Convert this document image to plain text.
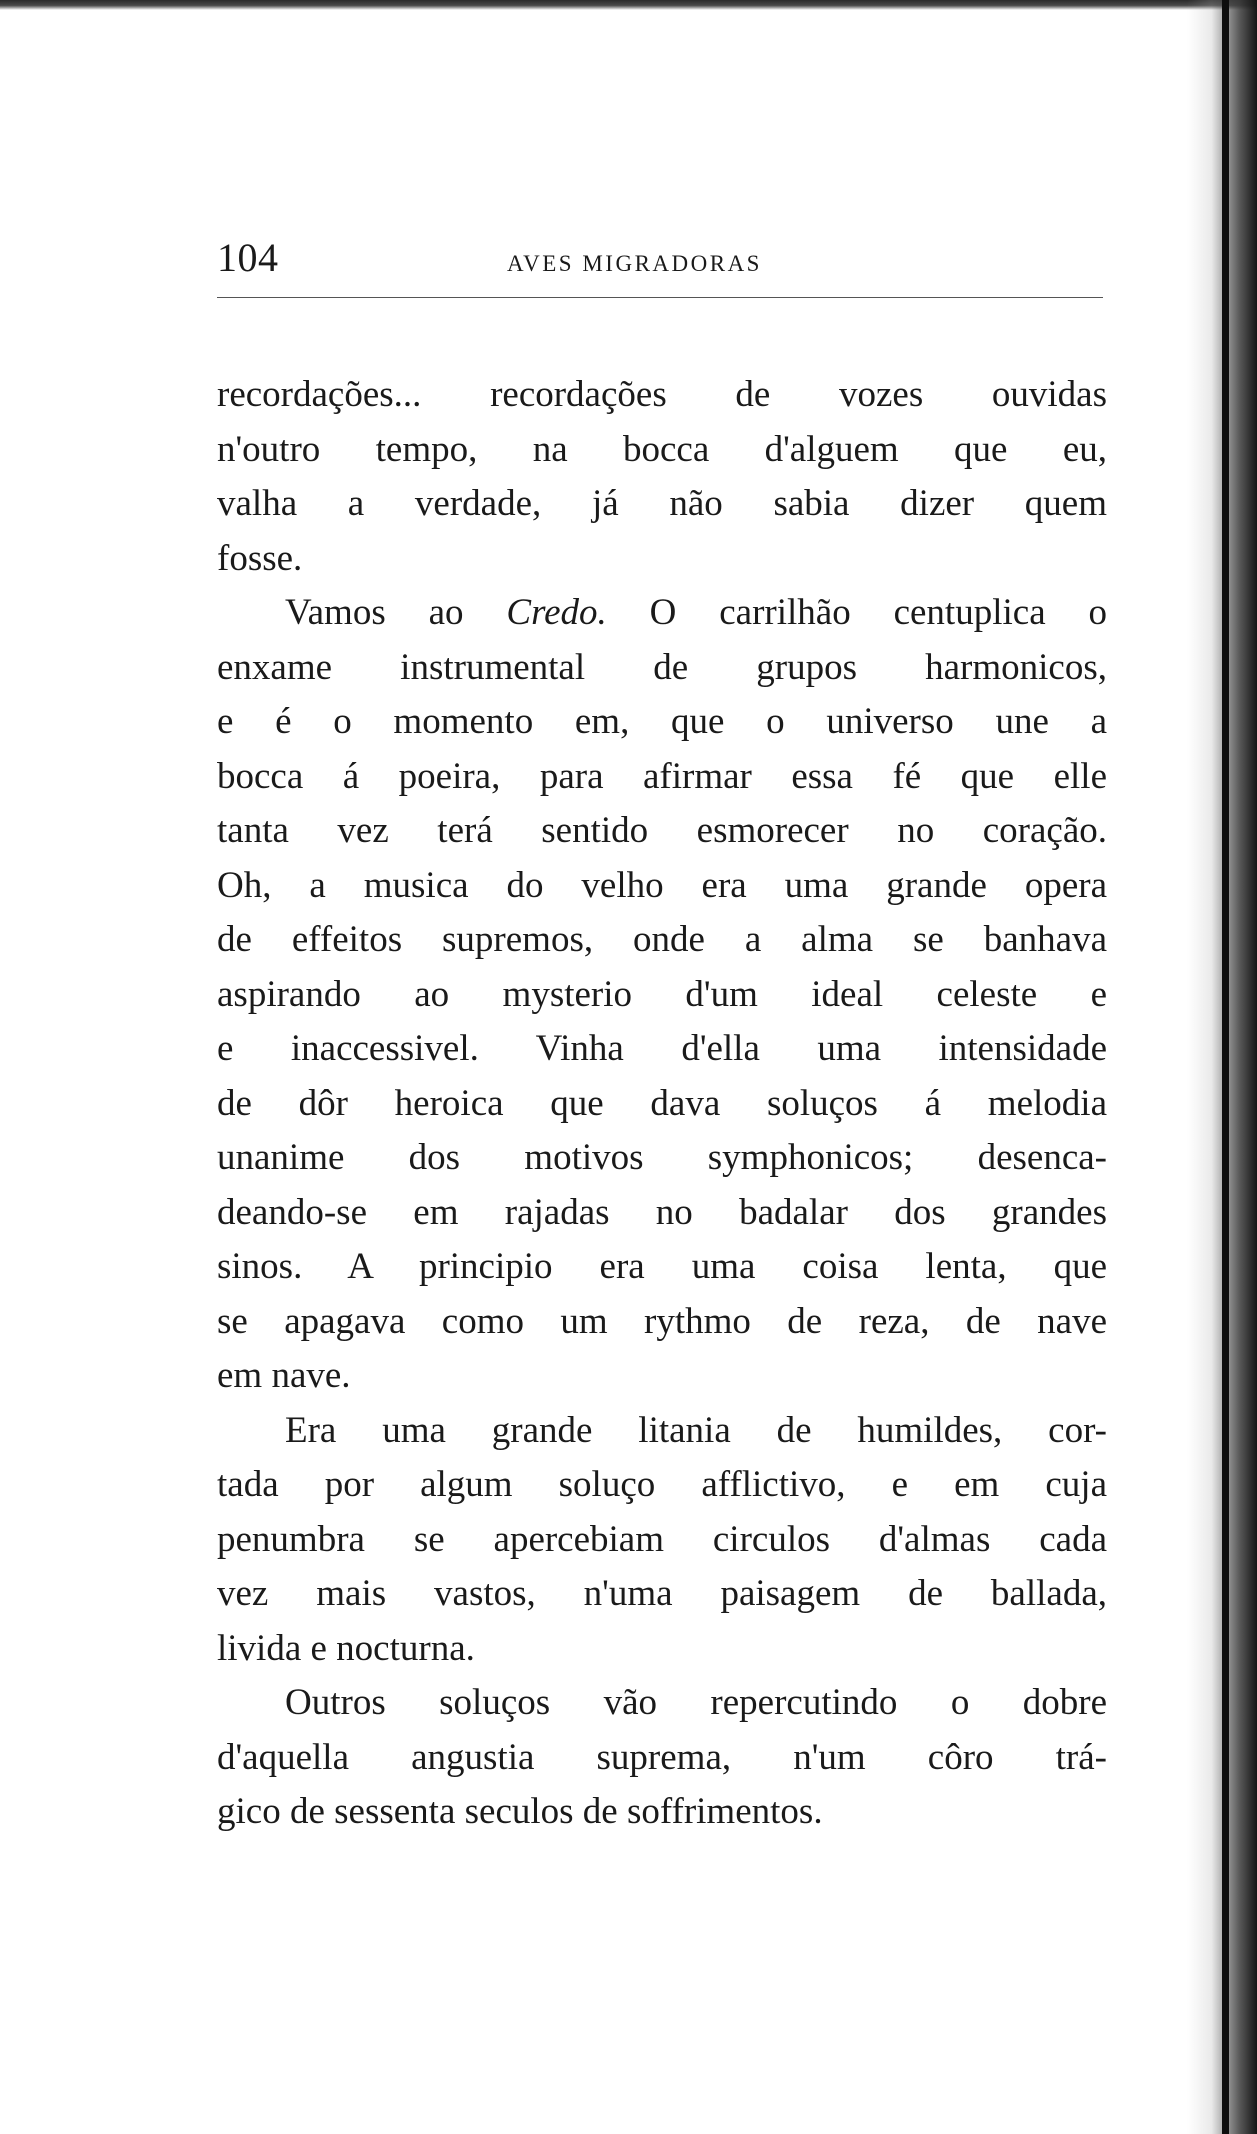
104	AVES MIGRADORAS
recordações... recordações de vozes ouvidas
n'outro tempo, na bocca d'alguem que eu,
valha a verdade, já não sabia dizer quem
fosse.
Vamos ao Credo. O carrilhão centuplica o
enxame instrumental de grupos harmonicos,
e é o momento em, que o universo une a
bocca á poeira, para afirmar essa fé que elle
tanta vez terá sentido esmorecer no coração.
Oh, a musica do velho era uma grande opera
de effeitos supremos, onde a alma se banhava
aspirando ao mysterio d'um ideal celeste e
e inaccessivel. Vinha d'ella uma intensidade
de dôr heroica que dava soluços á melodia
unanime dos motivos symphonicos; desenca-
deando-se em rajadas no badalar dos grandes
sinos. A principio era uma coisa lenta, que
se apagava como um rythmo de reza, de nave
em nave.
Era uma grande litania de humildes, cor-
tada por algum soluço afflictivo, e em cuja
penumbra se apercebiam circulos d'almas cada
vez mais vastos, n'uma paisagem de ballada,
livida e nocturna.
Outros soluços vão repercutindo o dobre
d'aquella angustia suprema, n'um côro trá-
gico de sessenta seculos de soffrimentos.
